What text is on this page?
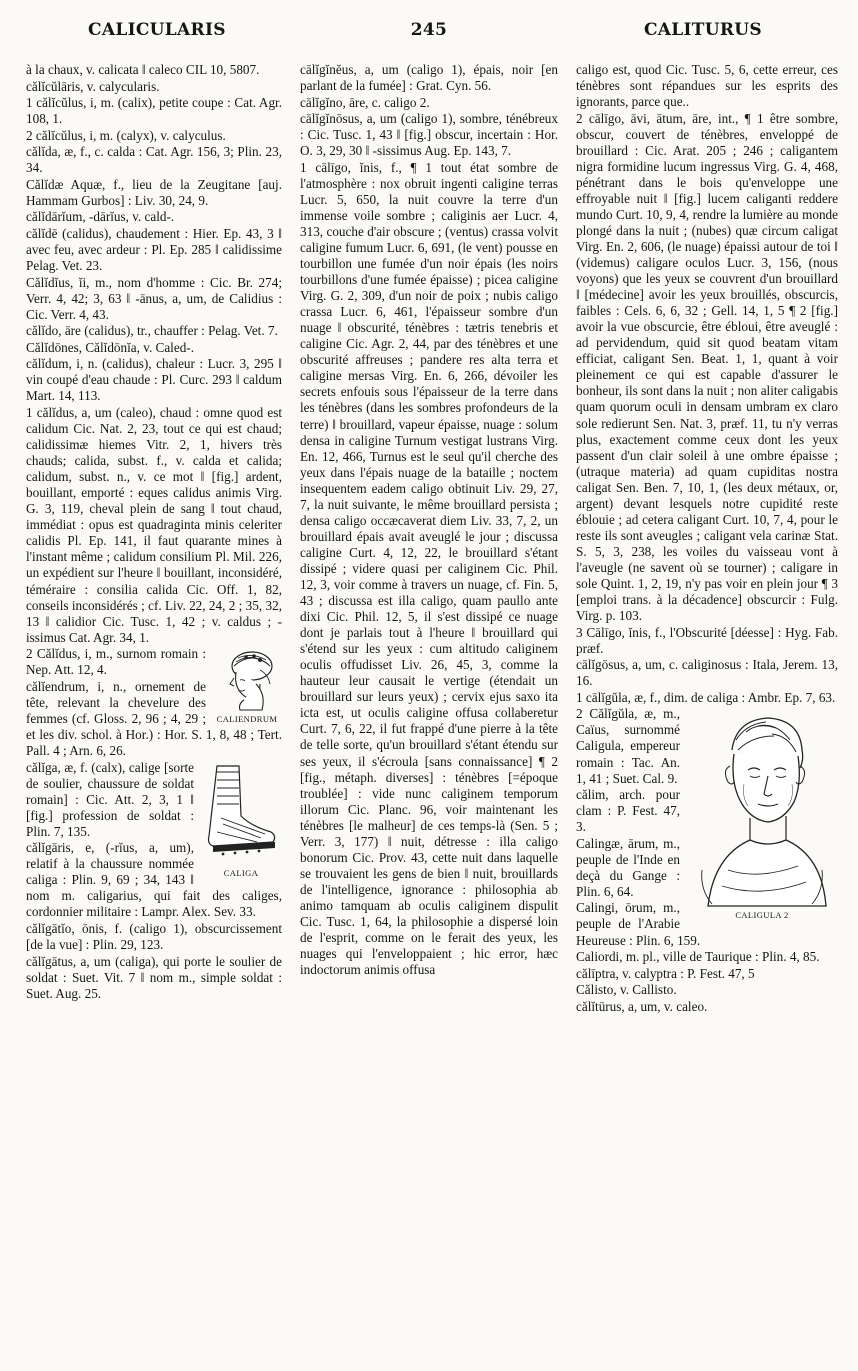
CALICULARIS	245	CALITURUS

à la chaux, v. calicata ‖ caleco CIL 10, 5807.

călĭcŭlāris, v. calycularis.

1 călĭcŭlus, i, m. (calix), petite coupe : Cat. Agr. 108, 1.

2 călĭcŭlus, i, m. (calyx), v. calyculus.

călĭda, æ, f., c. calda : Cat. Agr. 156, 3; Plin. 23, 34.

Călĭdæ Aquæ, f., lieu de la Zeugitane [auj. Hammam Gurbos] : Liv. 30, 24, 9.

călĭdārĭum, -dārĭus, v. cald-.

călĭdē (calidus), chaudement : Hier. Ep. 43, 3 ‖ avec feu, avec ardeur : Pl. Ep. 285 ‖ calidissime Pelag. Vet. 23.

Călĭdĭus, ĭi, m., nom d'homme : Cic. Br. 274; Verr. 4, 42; 3, 63 ‖ -ānus, a, um, de Calidius : Cic. Verr. 4, 43.

călĭdo, āre (calidus), tr., chauffer : Pelag. Vet. 7.

Călĭdōnes, Călĭdōnĭa, v. Caled-.

călĭdum, i, n. (calidus), chaleur : Lucr. 3, 295 ‖ vin coupé d'eau chaude : Pl. Curc. 293 ‖ caldum Mart. 14, 113.

1 călĭdus, a, um (caleo), chaud : omne quod est calidum Cic. Nat. 2, 23, tout ce qui est chaud; calidissimæ hiemes Vitr. 2, 1, hivers très chauds; calida, subst. f., v. calda et calida; calidum, subst. n., v. ce mot ‖ [fig.] ardent, bouillant, emporté : eques calidus animis Virg. G. 3, 119, cheval plein de sang ‖ tout chaud, immédiat : opus est quadraginta minis celeriter calidis Pl. Ep. 141, il faut quarante mines à l'instant même ; calidum consilium Pl. Mil. 226, un expédient sur l'heure ‖ bouillant, inconsidéré, téméraire : consilia calida Cic. Off. 1, 82, conseils inconsidérés ; cf. Liv. 22, 24, 2 ; 35, 32, 13 ‖ calidior Cic. Tusc. 1, 42 ; v. caldus ; -issimus Cat. Agr. 34, 1.

CALIENDRUM

2 Călĭdus, i, m., surnom romain : Nep. Att. 12, 4.

călĭendrum, i, n., ornement de tête, relevant la chevelure des femmes (cf. Gloss. 2, 96 ; 4, 29 ; et les div. schol. à Hor.) : Hor. S. 1, 8, 48 ; Tert. Pall. 4 ; Arn. 6, 26.

CALIGA

călĭga, æ, f. (calx), calige [sorte de soulier, chaussure de soldat romain] : Cic. Att. 2, 3, 1 ‖ [fig.] profession de soldat : Plin. 7, 135.

călĭgāris, e, (-rĭus, a, um), relatif à la chaussure nommée caliga : Plin. 9, 69 ; 34, 143 ‖ nom m. caligarius, qui fait des caliges, cordonnier militaire : Lampr. Alex. Sev. 33.

călĭgātĭo, ōnis, f. (caligo 1), obscurcissement [de la vue] : Plin. 29, 123.

călĭgātus, a, um (caliga), qui porte le soulier de soldat : Suet. Vit. 7 ‖ nom m., simple soldat : Suet. Aug. 25.

cālĭgĭnĕus, a, um (caligo 1), épais, noir [en parlant de la fumée] : Grat. Cyn. 56.

cālĭgĭno, āre, c. caligo 2.

cālĭgĭnōsus, a, um (caligo 1), sombre, ténébreux : Cic. Tusc. 1, 43 ‖ [fig.] obscur, incertain : Hor. O. 3, 29, 30 ‖ -sissimus Aug. Ep. 143, 7.

1 cālīgo, ĭnis, f., ¶ 1 tout état sombre de l'atmosphère : nox obruit ingenti caligine terras Lucr. 5, 650, la nuit couvre la terre d'un immense voile sombre ; caliginis aer Lucr. 4, 313, couche d'air obscure ; (ventus) crassa volvit caligine fumum Lucr. 6, 691, (le vent) pousse en tourbillon une fumée d'un noir épais (les noirs tourbillons d'une fumée épaisse) ; picea caligine Virg. G. 2, 309, d'un noir de poix ; nubis caligo crassa Lucr. 6, 461, l'épaisseur sombre d'un nuage ‖ obscurité, ténèbres : tætris tenebris et caligine Cic. Agr. 2, 44, par des ténèbres et une obscurité affreuses ; pandere res alta terra et caligine mersas Virg. En. 6, 266, dévoiler les secrets enfouis sous l'épaisseur de la terre dans les ténèbres (dans les sombres profondeurs de la terre) ‖ brouillard, vapeur épaisse, nuage : solum densa in caligine Turnum vestigat lustrans Virg. En. 12, 466, Turnus est le seul qu'il cherche des yeux dans l'épais nuage de la bataille ; noctem insequentem eadem caligo obtinuit Liv. 29, 27, 7, la nuit suivante, le même brouillard persista ; densa caligo occæcaverat diem Liv. 33, 7, 2, un brouillard épais avait aveuglé le jour ; discussa caligine Curt. 4, 12, 22, le brouillard s'étant dissipé ; videre quasi per caliginem Cic. Phil. 12, 3, voir comme à travers un nuage, cf. Fin. 5, 43 ; discussa est illa caligo, quam paullo ante dixi Cic. Phil. 12, 5, il s'est dissipé ce nuage dont je parlais tout à l'heure ‖ brouillard qui s'étend sur les yeux : cum altitudo caliginem oculis offudisset Liv. 26, 45, 3, comme la hauteur leur causait le vertige (étendait un brouillard sur leurs yeux) ; cervix ejus saxo ita icta est, ut oculis caligine offusa collaberetur Curt. 7, 6, 22, il fut frappé d'une pierre à la tête de telle sorte, qu'un brouillard s'étant étendu sur ses yeux, il s'écroula [sans connaissance] ¶ 2 [fig., métaph. diverses] : ténèbres [=époque troublée] : vide nunc caliginem temporum illorum Cic. Planc. 96, voir maintenant les ténèbres [le malheur] de ces temps-là (Sen. 5 ; Verr. 3, 177) ‖ nuit, détresse : illa caligo bonorum Cic. Prov. 43, cette nuit dans laquelle se trouvaient les gens de bien ‖ nuit, brouillards de l'intelligence, ignorance : philosophia ab animo tamquam ab oculis caliginem dispulit Cic. Tusc. 1, 64, la philosophie a dispersé loin de l'esprit, comme on le ferait des yeux, les nuages qui l'enveloppaient ; hic error, hæc indoctorum animis offusa

caligo est, quod Cic. Tusc. 5, 6, cette erreur, ces ténèbres sont répandues sur les esprits des ignorants, parce que..

2 cālīgo, āvi, ātum, āre, int., ¶ 1 être sombre, obscur, couvert de ténèbres, enveloppé de brouillard : Cic. Arat. 205 ; 246 ; caligantem nigra formidine lucum ingressus Virg. G. 4, 468, pénétrant dans le bois qu'enveloppe une effroyable nuit ‖ [fig.] lucem caliganti reddere mundo Curt. 10, 9, 4, rendre la lumière au monde plongé dans la nuit ; (nubes) quæ circum caligat Virg. En. 2, 606, (le nuage) épaissi autour de toi ‖ (videmus) caligare oculos Lucr. 3, 156, (nous voyons) que les yeux se couvrent d'un brouillard ‖ [médecine] avoir les yeux brouillés, obscurcis, faibles : Cels. 6, 6, 32 ; Gell. 14, 1, 5 ¶ 2 [fig.] avoir la vue obscurcie, être ébloui, être aveuglé : ad pervidendum, quid sit quod beatam vitam efficiat, caligant Sen. Beat. 1, 1, quant à voir pleinement ce qui est capable d'assurer le bonheur, ils sont dans la nuit ; non aliter caligabis quam quorum oculi in densam umbram ex claro sole redierunt Sen. Nat. 3, præf. 11, tu n'y verras plus, exactement comme ceux dont les yeux passent d'un clair soleil à une ombre épaisse ; (utraque materia) ad quam cupiditas nostra caligat Sen. Ben. 7, 10, 1, (les deux métaux, or, argent) devant lesquels notre cupidité reste éblouie ; ad cetera caligant Curt. 10, 7, 4, pour le reste ils sont aveugles ; caligant vela carinæ Stat. S. 5, 3, 238, les voiles du vaisseau vont à l'aveugle (ne savent où se tourner) ; caligare in sole Quint. 1, 2, 19, n'y pas voir en plein jour ¶ 3 [emploi trans. à la décadence] obscurcir : Fulg. Virg. p. 103.

3 Cālīgo, ĭnis, f., l'Obscurité [déesse] : Hyg. Fab. præf.

cālĭgōsus, a, um, c. caliginosus : Itala, Jerem. 13, 16.

1 cālĭgŭla, æ, f., dim. de caliga : Ambr. Ep. 7, 63.

CALIGULA 2

2 Călĭgŭla, æ, m., Caïus, surnommé Caligula, empereur romain : Tac. An. 1, 41 ; Suet. Cal. 9.

călim, arch. pour clam : P. Fest. 47, 3.

Calingæ, ārum, m., peuple de l'Inde en deçà du Gange : Plin. 6, 64.

Calingi, ōrum, m., peuple de l'Arabie Heureuse : Plin. 6, 159.

Caliordi, m. pl., ville de Taurique : Plin. 4, 85.

călīptra, v. calyptra : P. Fest. 47, 5

Călisto, v. Callisto.

călĭtūrus, a, um, v. caleo.
